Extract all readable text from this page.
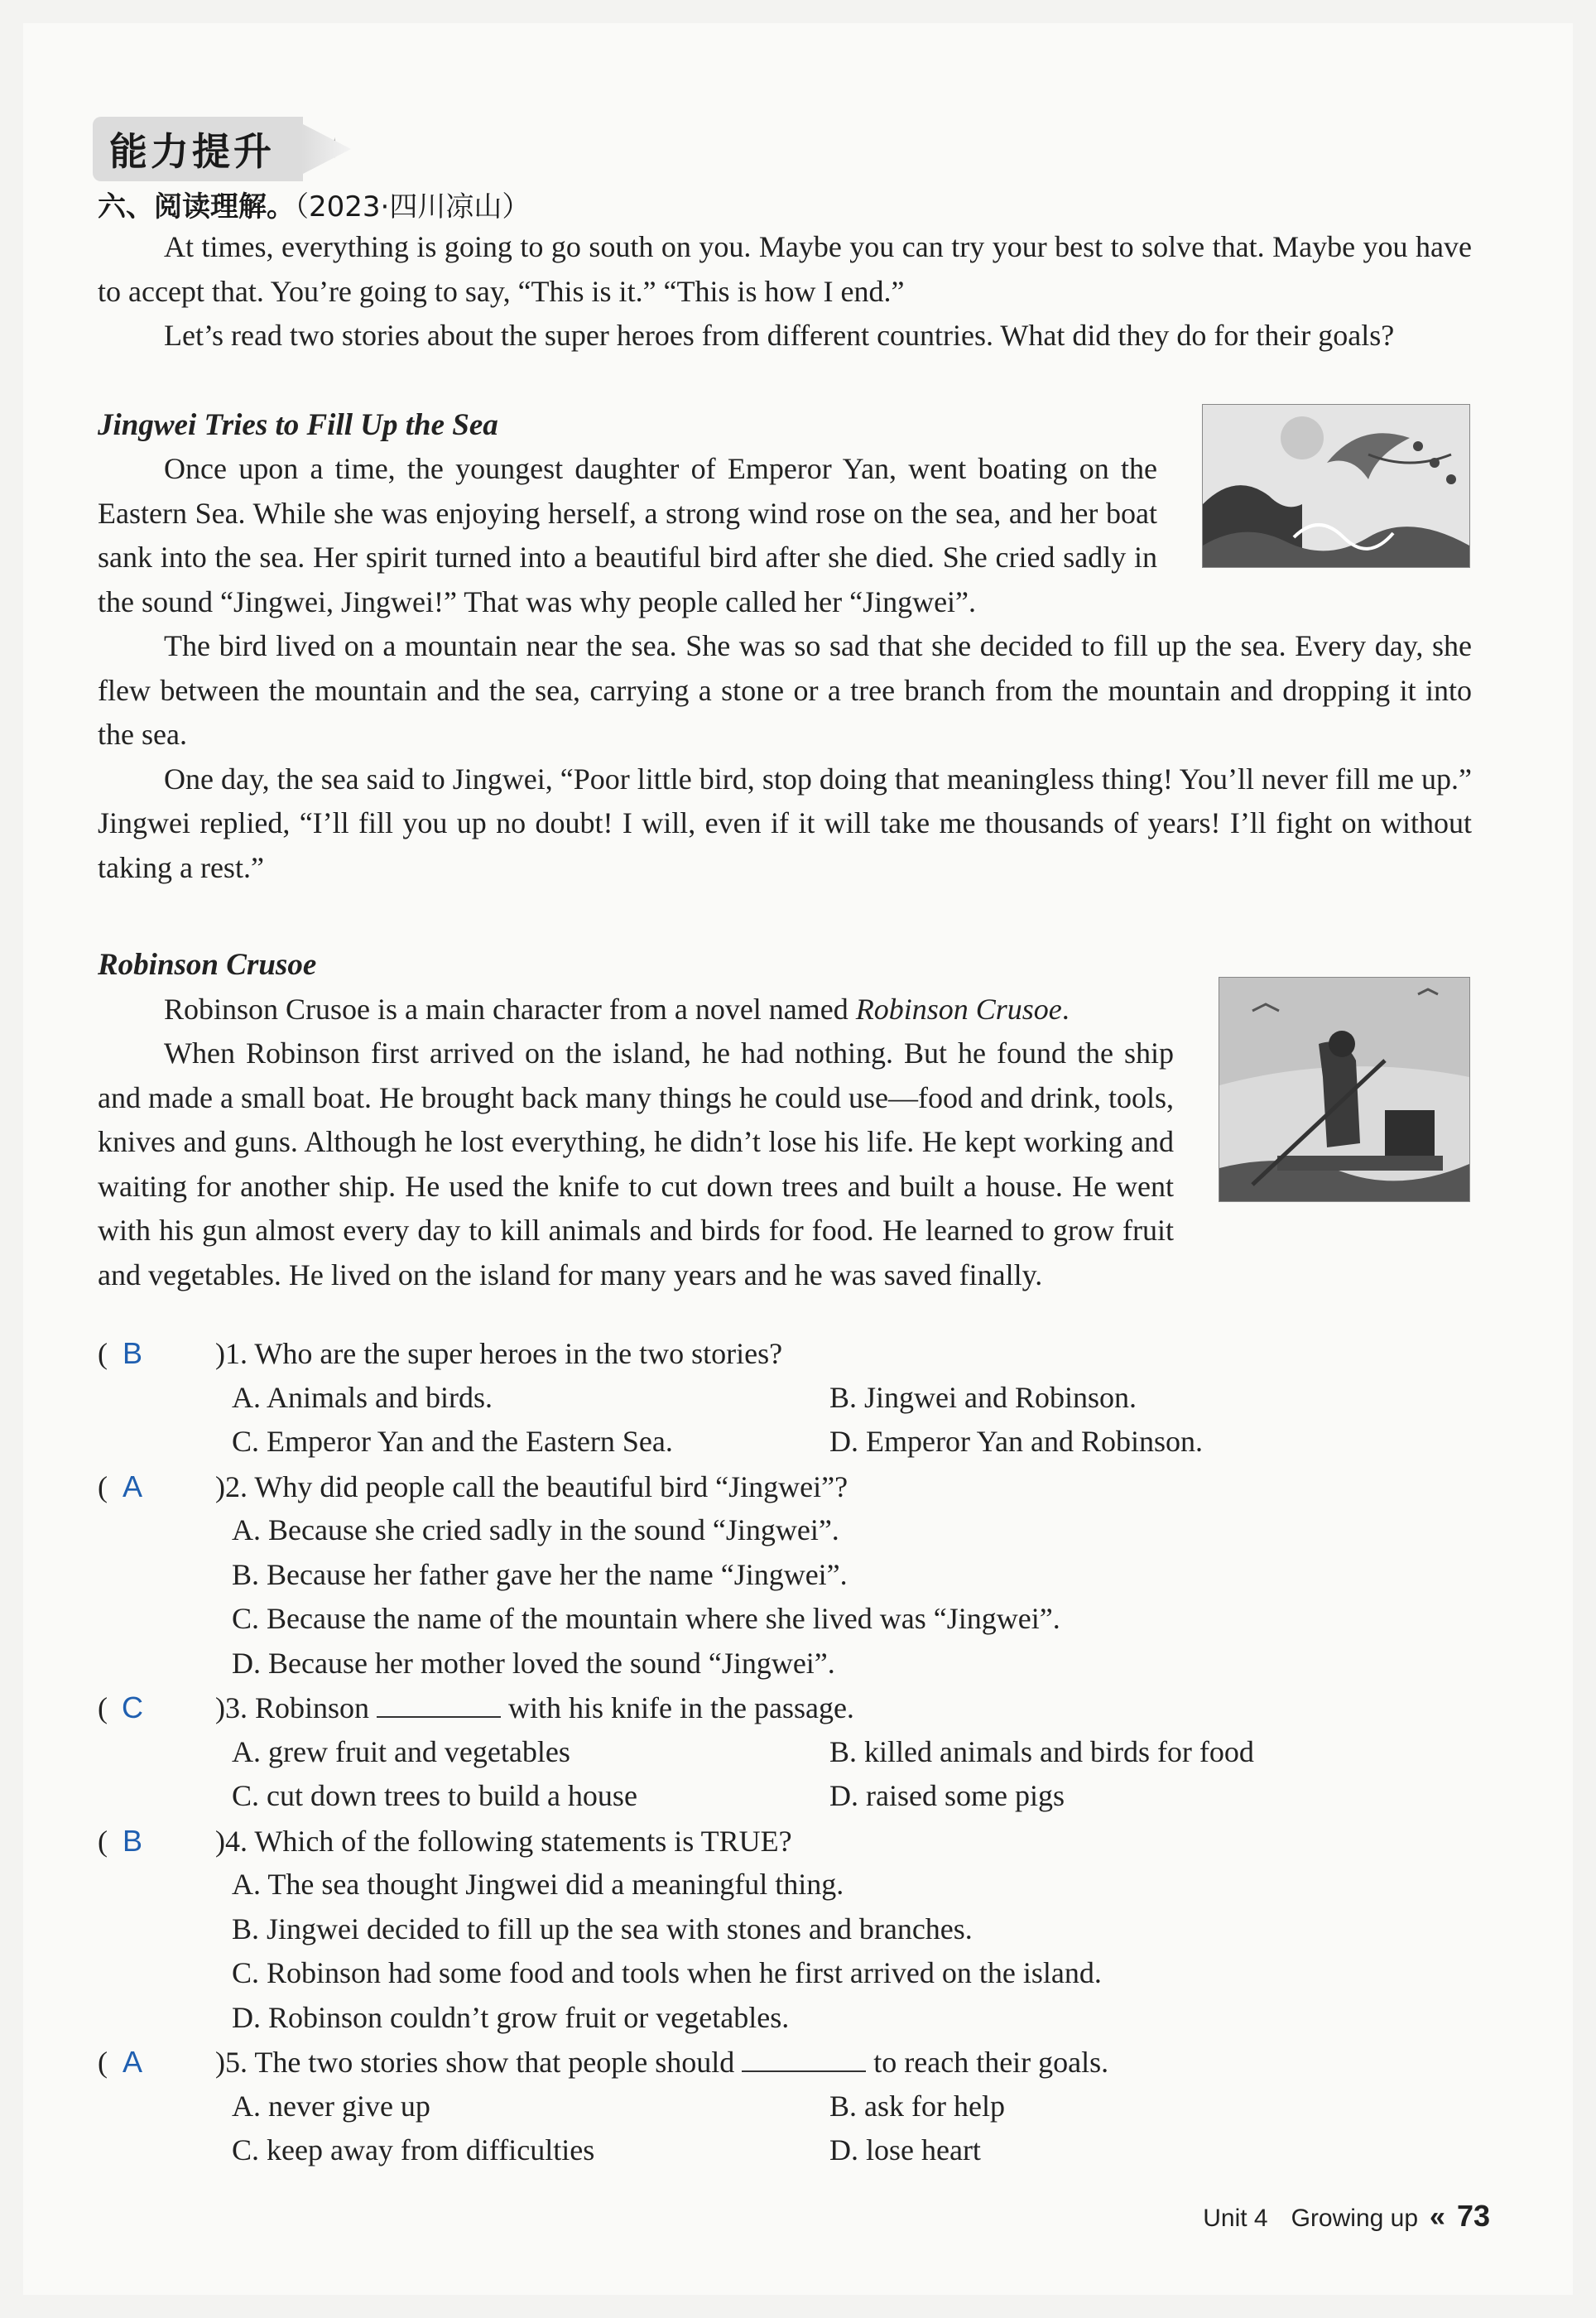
能力提升
六、阅读理解。（2023·四川凉山）

At times, everything is going to go south on you. Maybe you can try your best to solve that. Maybe you have to accept that. You’re going to say, “This is it.” “This is how I end.”

Let’s read two stories about the super heroes from different countries. What did they do for their goals?

Jingwei Tries to Fill Up the Sea

Once upon a time, the youngest daughter of Emperor Yan, went boating on the Eastern Sea. While she was enjoying herself, a strong wind rose on the sea, and her boat sank into the sea. Her spirit turned into a beautiful bird after she died. She cried sadly in the sound “Jingwei, Jingwei!” That was why people called her “Jingwei”.

The bird lived on a mountain near the sea. She was so sad that she decided to fill up the sea. Every day, she flew between the mountain and the sea, carrying a stone or a tree branch from the mountain and dropping it into the sea.

One day, the sea said to Jingwei, “Poor little bird, stop doing that meaningless thing! You’ll never fill me up.” Jingwei replied, “I’ll fill you up no doubt! I will, even if it will take me thousands of years! I’ll fight on without taking a rest.”

Robinson Crusoe

Robinson Crusoe is a main character from a novel named Robinson Crusoe.

When Robinson first arrived on the island, he had nothing. But he found the ship and made a small boat. He brought back many things he could use—food and drink, tools, knives and guns. Although he lost everything, he didn’t lose his life. He kept working and waiting for another ship. He used the knife to cut down trees and built a house. He went with his gun almost every day to kill animals and birds for food. He learned to grow fruit and vegetables. He lived on the island for many years and he was saved finally.

( B )1. Who are the super heroes in the two stories?
A. Animals and birds.	B. Jingwei and Robinson.
C. Emperor Yan and the Eastern Sea.	D. Emperor Yan and Robinson.
( A )2. Why did people call the beautiful bird “Jingwei”?
A. Because she cried sadly in the sound “Jingwei”.
B. Because her father gave her the name “Jingwei”.
C. Because the name of the mountain where she lived was “Jingwei”.
D. Because her mother loved the sound “Jingwei”.
( C )3. Robinson	with his knife in the passage.
A. grew fruit and vegetables	B. killed animals and birds for food
C. cut down trees to build a house	D. raised some pigs
( B )4. Which of the following statements is TRUE?
A. The sea thought Jingwei did a meaningful thing.
B. Jingwei decided to fill up the sea with stones and branches.
C. Robinson had some food and tools when he first arrived on the island.
D. Robinson couldn’t grow fruit or vegetables.
( A )5. The two stories show that people should	to reach their goals.
A. never give up	B. ask for help
C. keep away from difficulties	D. lose heart
Unit 4 Growing up « 73
